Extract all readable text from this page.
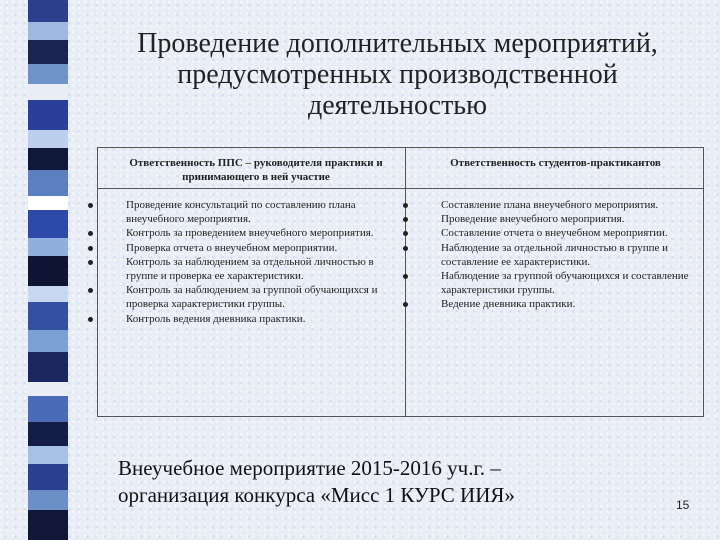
Проведение дополнительных мероприятий,
предусмотренных производственной
деятельностью
Ответственность ППС – руководителя практики и принимающего в ней участие
Ответственность студентов-практикантов
Проведение консультаций по составлению плана внеучебного мероприятия.
Контроль за проведением внеучебного мероприятия.
Проверка отчета о внеучебном мероприятии.
Контроль за наблюдением за отдельной личностью в группе и проверка ее характеристики.
Контроль за наблюдением за группой обучающихся и проверка характеристики группы.
Контроль ведения дневника практики.
Составление плана внеучебного мероприятия.
Проведение внеучебного мероприятия.
Составление отчета о внеучебном мероприятии.
Наблюдение за отдельной личностью в группе и составление ее характеристики.
Наблюдение за группой обучающихся и составление характеристики группы.
Ведение дневника практики.
Внеучебное мероприятие 2015-2016 уч.г. –
организация конкурса «Мисс 1 КУРС ИИЯ»	15
